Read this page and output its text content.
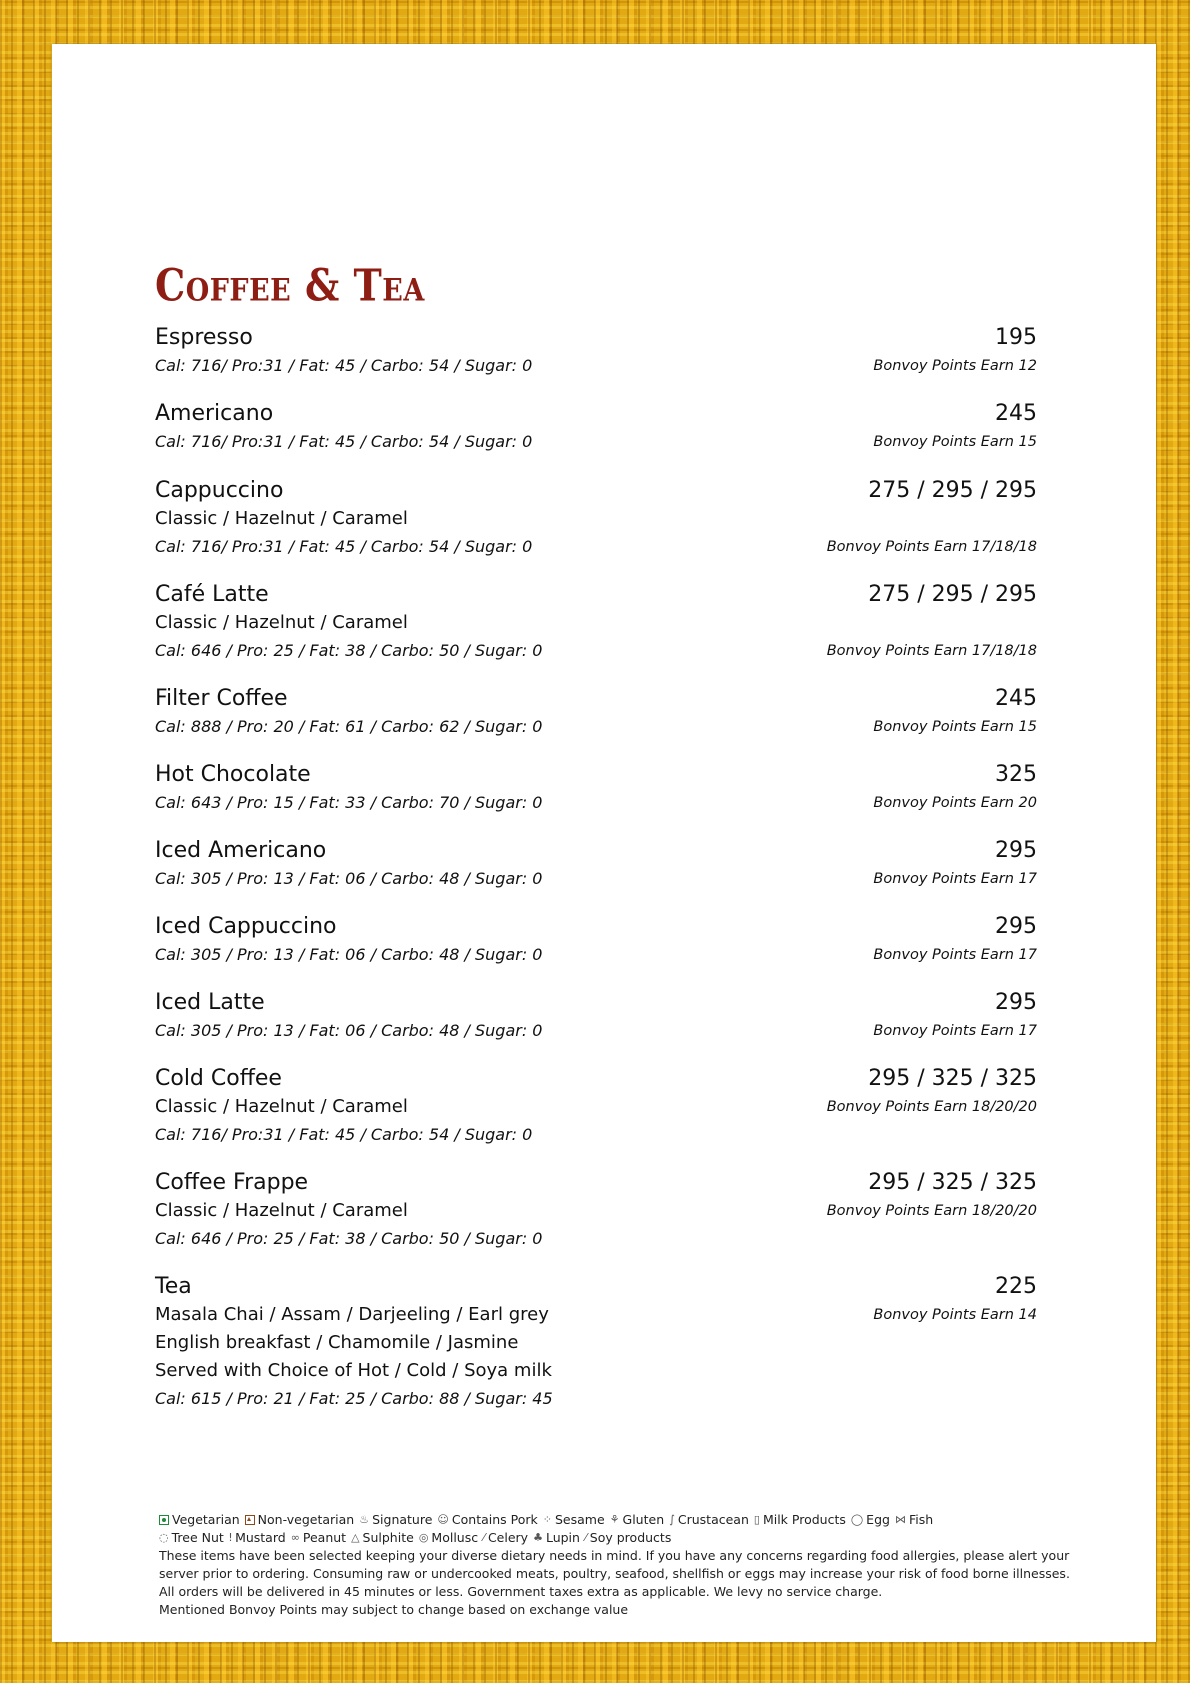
Coffee & Tea
Espresso	195
Cal: 716/ Pro:31 / Fat: 45 / Carbo: 54 / Sugar: 0	Bonvoy Points Earn 12
Americano	245
Cal: 716/ Pro:31 / Fat: 45 / Carbo: 54 / Sugar: 0	Bonvoy Points Earn 15
Cappuccino	275 / 295 / 295
Classic / Hazelnut / Caramel
Cal: 716/ Pro:31 / Fat: 45 / Carbo: 54 / Sugar: 0	Bonvoy Points Earn 17/18/18
Café Latte	275 / 295 / 295
Classic / Hazelnut / Caramel
Cal: 646 / Pro: 25 / Fat: 38 / Carbo: 50 / Sugar: 0	Bonvoy Points Earn 17/18/18
Filter Coffee	245
Cal: 888 / Pro: 20 / Fat: 61 / Carbo: 62 / Sugar: 0	Bonvoy Points Earn 15
Hot Chocolate	325
Cal: 643 / Pro: 15 / Fat: 33 / Carbo: 70 / Sugar: 0	Bonvoy Points Earn 20
Iced Americano	295
Cal: 305 / Pro: 13 / Fat: 06 / Carbo: 48 / Sugar: 0	Bonvoy Points Earn 17
Iced Cappuccino	295
Cal: 305 / Pro: 13 / Fat: 06 / Carbo: 48 / Sugar: 0	Bonvoy Points Earn 17
Iced Latte	295
Cal: 305 / Pro: 13 / Fat: 06 / Carbo: 48 / Sugar: 0	Bonvoy Points Earn 17
Cold Coffee	295 / 325 / 325
Classic / Hazelnut / Caramel	Bonvoy Points Earn 18/20/20
Cal: 716/ Pro:31 / Fat: 45 / Carbo: 54 / Sugar: 0
Coffee Frappe	295 / 325 / 325
Classic / Hazelnut / Caramel	Bonvoy Points Earn 18/20/20
Cal: 646 / Pro: 25 / Fat: 38 / Carbo: 50 / Sugar: 0
Tea	225
Masala Chai / Assam / Darjeeling / Earl grey	Bonvoy Points Earn 14
English breakfast / Chamomile / Jasmine
Served with Choice of Hot / Cold / Soya milk
Cal: 615 / Pro: 21 / Fat: 25 / Carbo: 88 / Sugar: 45
Vegetarian Non-vegetarian ♨ Signature ☺ Contains Pork ⁘ Sesame ⚘ Gluten ∫ Crustacean ▯ Milk Products ◯ Egg ⋈ Fish
◌ Tree Nut ǃ Mustard ∞ Peanut △ Sulphite ◎ Mollusc ⁄ Celery ♣ Lupin ⁄ Soy products

These items have been selected keeping your diverse dietary needs in mind. If you have any concerns regarding food allergies, please alert your

server prior to ordering. Consuming raw or undercooked meats, poultry, seafood, shellfish or eggs may increase your risk of food borne illnesses.

All orders will be delivered in 45 minutes or less. Government taxes extra as applicable. We levy no service charge.

Mentioned Bonvoy Points may subject to change based on exchange value
